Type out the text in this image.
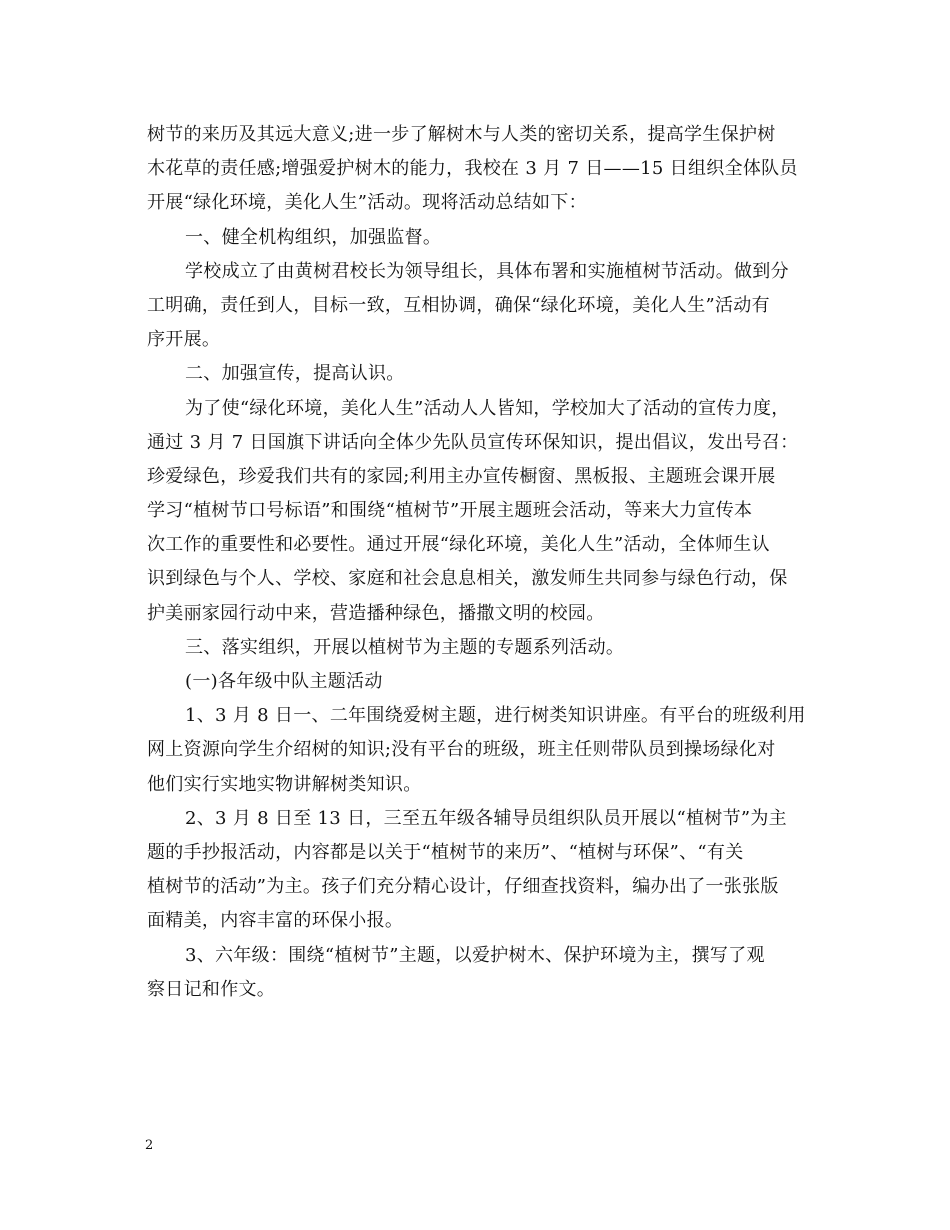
树节的来历及其远大意义;进一步了解树木与人类的密切关系，提高学生保护树
木花草的责任感;增强爱护树木的能力，我校在 3 月 7 日——15 日组织全体队员
开展“绿化环境，美化人生”活动。现将活动总结如下：
一、健全机构组织，加强监督。
学校成立了由黄树君校长为领导组长，具体布署和实施植树节活动。做到分
工明确，责任到人，目标一致，互相协调，确保“绿化环境，美化人生”活动有
序开展。
二、加强宣传，提高认识。
为了使“绿化环境，美化人生”活动人人皆知，学校加大了活动的宣传力度，
通过 3 月 7 日国旗下讲话向全体少先队员宣传环保知识，提出倡议，发出号召：
珍爱绿色，珍爱我们共有的家园;利用主办宣传橱窗、黑板报、主题班会课开展
学习“植树节口号标语”和围绕“植树节”开展主题班会活动，等来大力宣传本
次工作的重要性和必要性。通过开展“绿化环境，美化人生”活动，全体师生认
识到绿色与个人、学校、家庭和社会息息相关，激发师生共同参与绿色行动，保
护美丽家园行动中来，营造播种绿色，播撒文明的校园。
三、落实组织，开展以植树节为主题的专题系列活动。
(一)各年级中队主题活动
1、3 月 8 日一、二年围绕爱树主题，进行树类知识讲座。有平台的班级利用
网上资源向学生介绍树的知识;没有平台的班级，班主任则带队员到操场绿化对
他们实行实地实物讲解树类知识。
2、3 月 8 日至 13 日，三至五年级各辅导员组织队员开展以“植树节”为主
题的手抄报活动，内容都是以关于“植树节的来历”、“植树与环保”、“有关
植树节的活动”为主。孩子们充分精心设计，仔细查找资料，编办出了一张张版
面精美，内容丰富的环保小报。
3、六年级：围绕“植树节”主题，以爱护树木、保护环境为主，撰写了观
察日记和作文。
2
